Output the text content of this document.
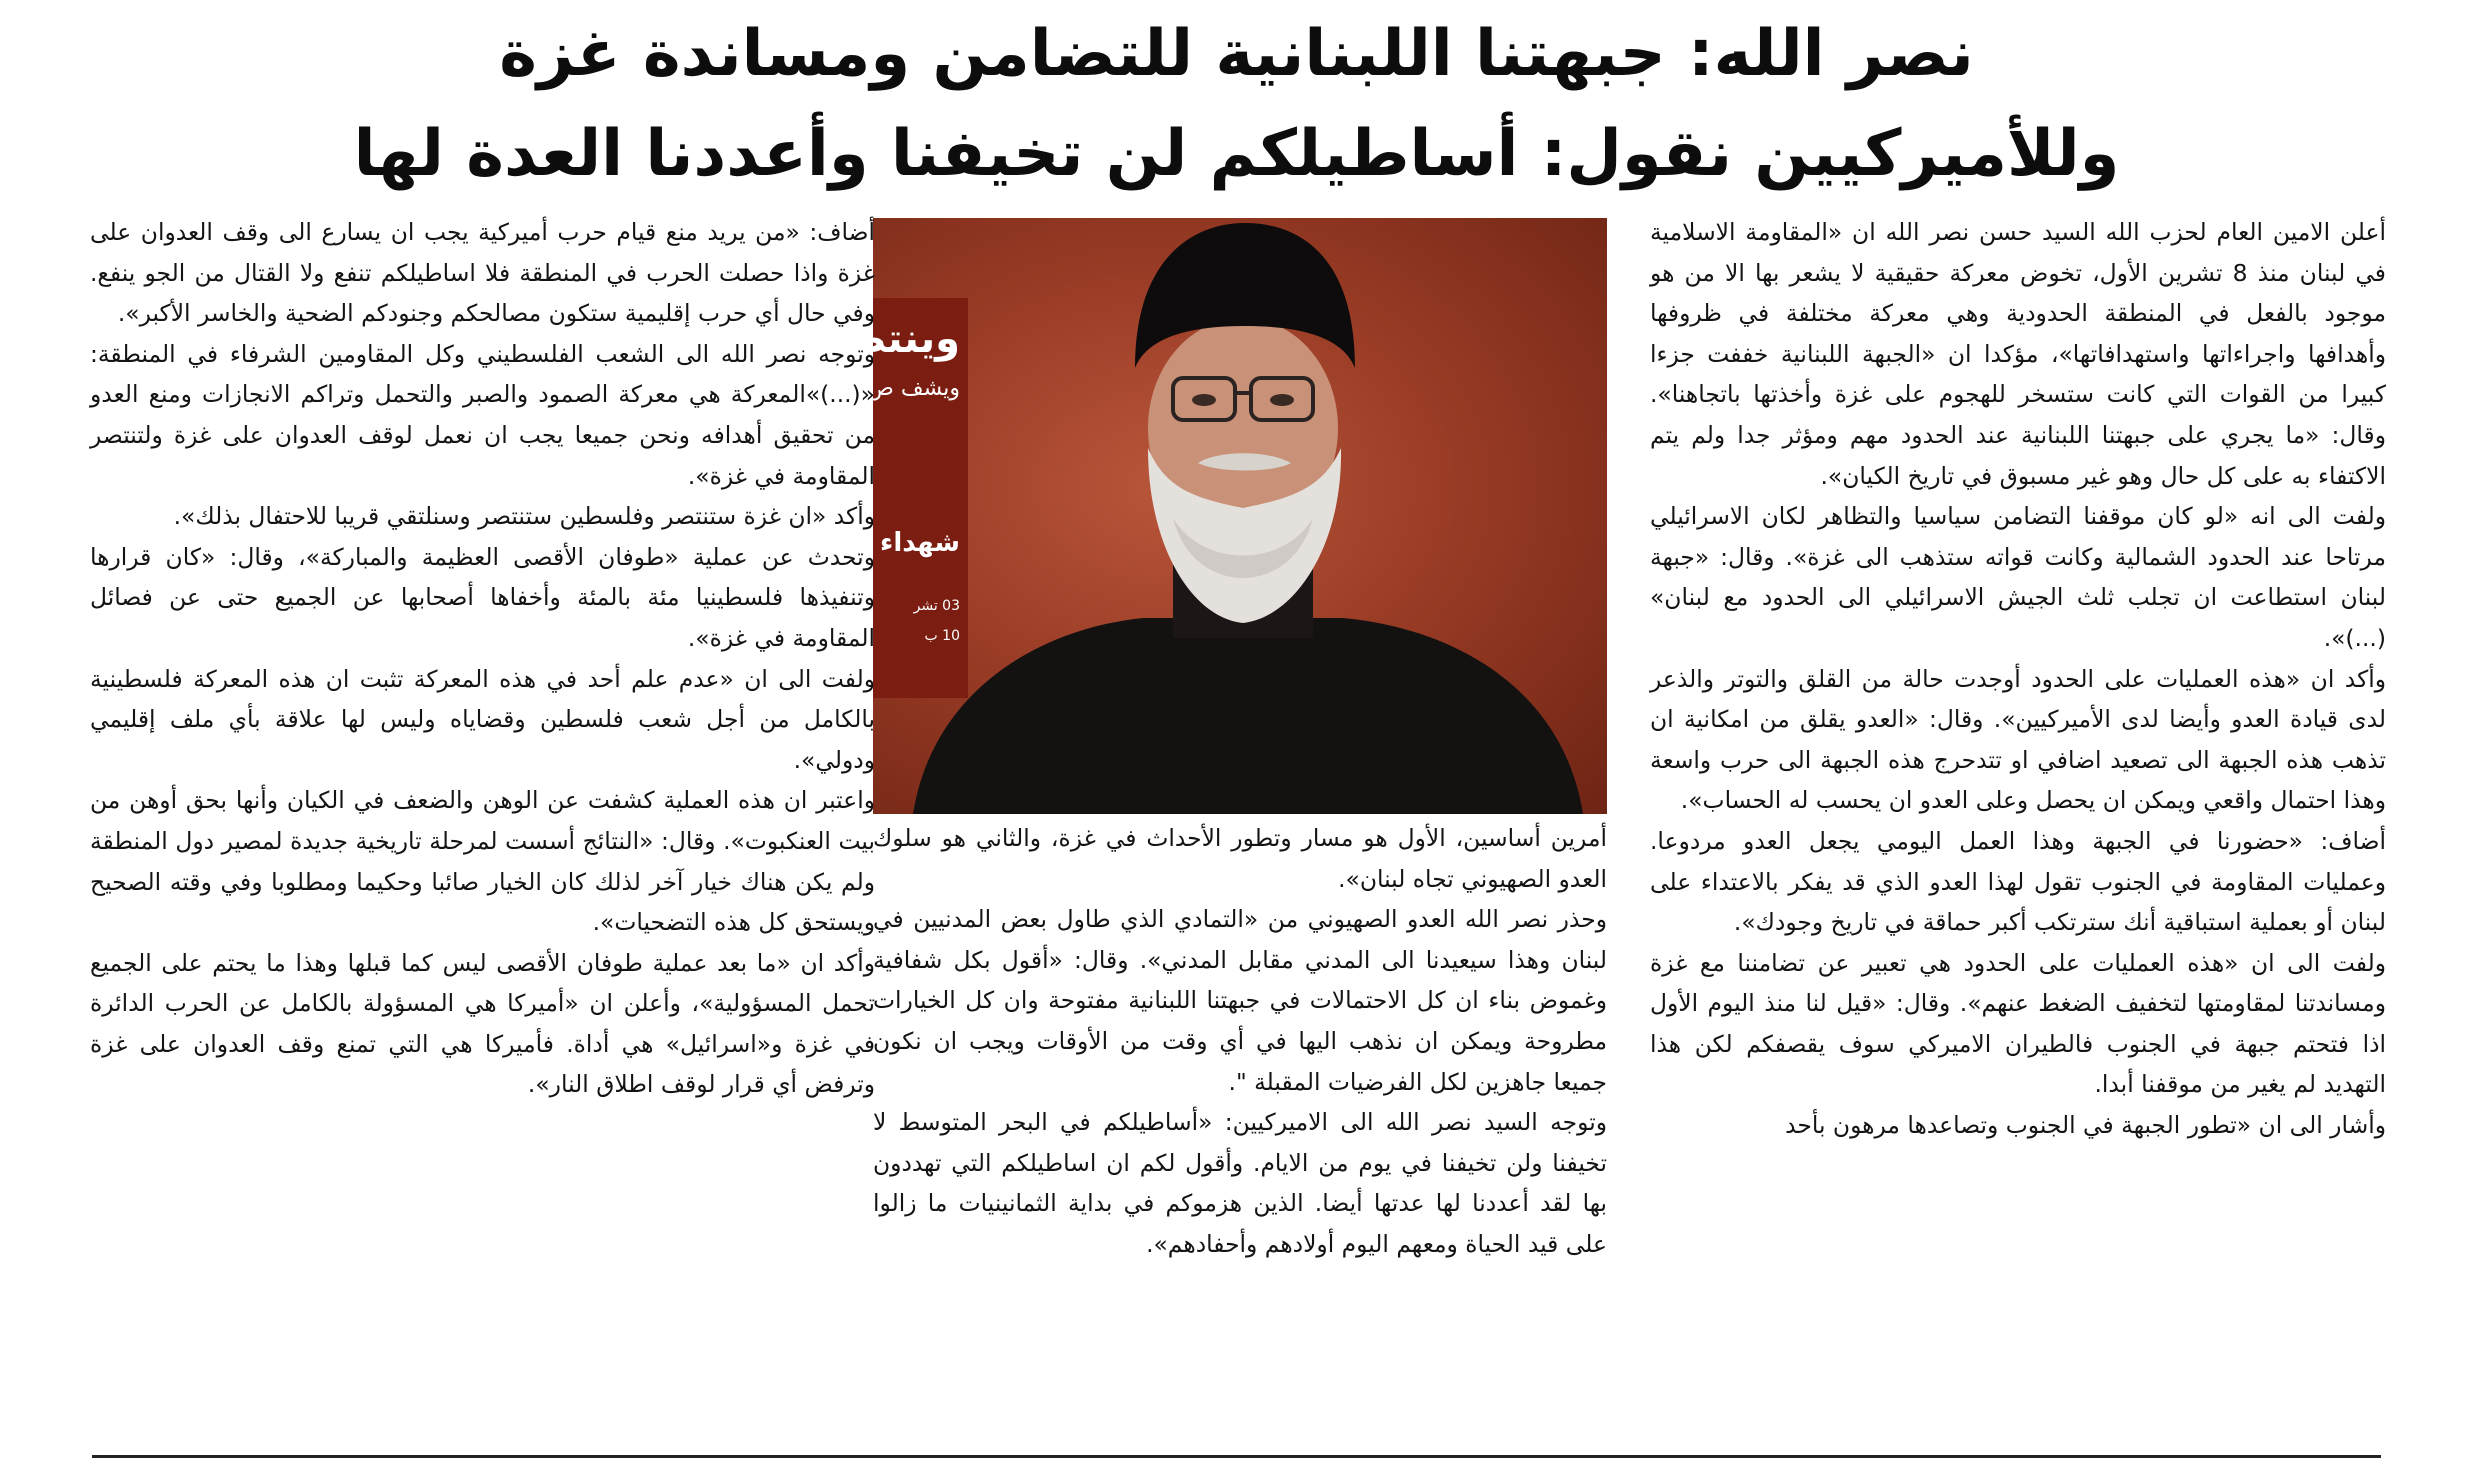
نصر الله: جبهتنا اللبنانية للتضامن ومساندة غزة
وللأميركيين نقول: أساطيلكم لن تخيفنا وأعددنا العدة لها

أعلن الامين العام لحزب الله السيد حسن نصر الله ان «المقاومة الاسلامية في لبنان منذ 8 تشرين الأول، تخوض معركة حقيقية لا يشعر بها الا من هو موجود بالفعل في المنطقة الحدودية وهي معركة مختلفة في ظروفها وأهدافها واجراءاتها واستهدافاتها»، مؤكدا ان «الجبهة اللبنانية خففت جزءا كبيرا من القوات التي كانت ستسخر للهجوم على غزة وأخذتها باتجاهنا». وقال: «ما يجري على جبهتنا اللبنانية عند الحدود مهم ومؤثر جدا ولم يتم الاكتفاء به على كل حال وهو غير مسبوق في تاريخ الكيان».

ولفت الى انه «لو كان موقفنا التضامن سياسيا والتظاهر لكان الاسرائيلي مرتاحا عند الحدود الشمالية وكانت قواته ستذهب الى غزة». وقال: «جبهة لبنان استطاعت ان تجلب ثلث الجيش الاسرائيلي الى الحدود مع لبنان» (...)».

وأكد ان «هذه العمليات على الحدود أوجدت حالة من القلق والتوتر والذعر لدى قيادة العدو وأيضا لدى الأميركيين». وقال: «العدو يقلق من امكانية ان تذهب هذه الجبهة الى تصعيد اضافي او تتدحرج هذه الجبهة الى حرب واسعة وهذا احتمال واقعي ويمكن ان يحصل وعلى العدو ان يحسب له الحساب».

أضاف: «حضورنا في الجبهة وهذا العمل اليومي يجعل العدو مردوعا. وعمليات المقاومة في الجنوب تقول لهذا العدو الذي قد يفكر بالاعتداء على لبنان أو بعملية استباقية أنك سترتكب أكبر حماقة في تاريخ وجودك».

ولفت الى ان «هذه العمليات على الحدود هي تعبير عن تضامننا مع غزة ومساندتنا لمقاومتها لتخفيف الضغط عنهم». وقال: «قيل لنا منذ اليوم الأول اذا فتحتم جبهة في الجنوب فالطيران الاميركي سوف يقصفكم لكن هذا التهديد لم يغير من موقفنا أبدا.

وأشار الى ان «تطور الجبهة في الجنوب وتصاعدها مرهون بأحد

وينتصر
ويشف ص
شهداء
03 تشر
10 ب

أمرين أساسين، الأول هو مسار وتطور الأحداث في غزة، والثاني هو سلوك العدو الصهيوني تجاه لبنان».

وحذر نصر الله العدو الصهيوني من «التمادي الذي طاول بعض المدنيين في لبنان وهذا سيعيدنا الى المدني مقابل المدني». وقال: «أقول بكل شفافية وغموض بناء ان كل الاحتمالات في جبهتنا اللبنانية مفتوحة وان كل الخيارات مطروحة ويمكن ان نذهب اليها في أي وقت من الأوقات ويجب ان نكون جميعا جاهزين لكل الفرضيات المقبلة ".

وتوجه السيد نصر الله الى الاميركيين: «أساطيلكم في البحر المتوسط لا تخيفنا ولن تخيفنا في يوم من الايام. وأقول لكم ان اساطيلكم التي تهددون بها لقد أعددنا لها عدتها أيضا. الذين هزموكم في بداية الثمانينيات ما زالوا على قيد الحياة ومعهم اليوم أولادهم وأحفادهم».

أضاف: «من يريد منع قيام حرب أميركية يجب ان يسارع الى وقف العدوان على غزة واذا حصلت الحرب في المنطقة فلا اساطيلكم تنفع ولا القتال من الجو ينفع. وفي حال أي حرب إقليمية ستكون مصالحكم وجنودكم الضحية والخاسر الأكبر».

وتوجه نصر الله الى الشعب الفلسطيني وكل المقاومين الشرفاء في المنطقة: «(...)»المعركة هي معركة الصمود والصبر والتحمل وتراكم الانجازات ومنع العدو من تحقيق أهدافه ونحن جميعا يجب ان نعمل لوقف العدوان على غزة ولتنتصر المقاومة في غزة».

وأكد «ان غزة ستنتصر وفلسطين ستنتصر وسنلتقي قريبا للاحتفال بذلك».

وتحدث عن عملية «طوفان الأقصى العظيمة والمباركة»، وقال: «كان قرارها وتنفيذها فلسطينيا مئة بالمئة وأخفاها أصحابها عن الجميع حتى عن فصائل المقاومة في غزة».

ولفت الى ان «عدم علم أحد في هذه المعركة تثبت ان هذه المعركة فلسطينية بالكامل من أجل شعب فلسطين وقضاياه وليس لها علاقة بأي ملف إقليمي ودولي».

واعتبر ان هذه العملية كشفت عن الوهن والضعف في الكيان وأنها بحق أوهن من بيت العنكبوت». وقال: «النتائج أسست لمرحلة تاريخية جديدة لمصير دول المنطقة ولم يكن هناك خيار آخر لذلك كان الخيار صائبا وحكيما ومطلوبا وفي وقته الصحيح ويستحق كل هذه التضحيات».

وأكد ان «ما بعد عملية طوفان الأقصى ليس كما قبلها وهذا ما يحتم على الجميع تحمل المسؤولية»، وأعلن ان «أميركا هي المسؤولة بالكامل عن الحرب الدائرة في غزة و«اسرائيل» هي أداة. فأميركا هي التي تمنع وقف العدوان على غزة وترفض أي قرار لوقف اطلاق النار».
